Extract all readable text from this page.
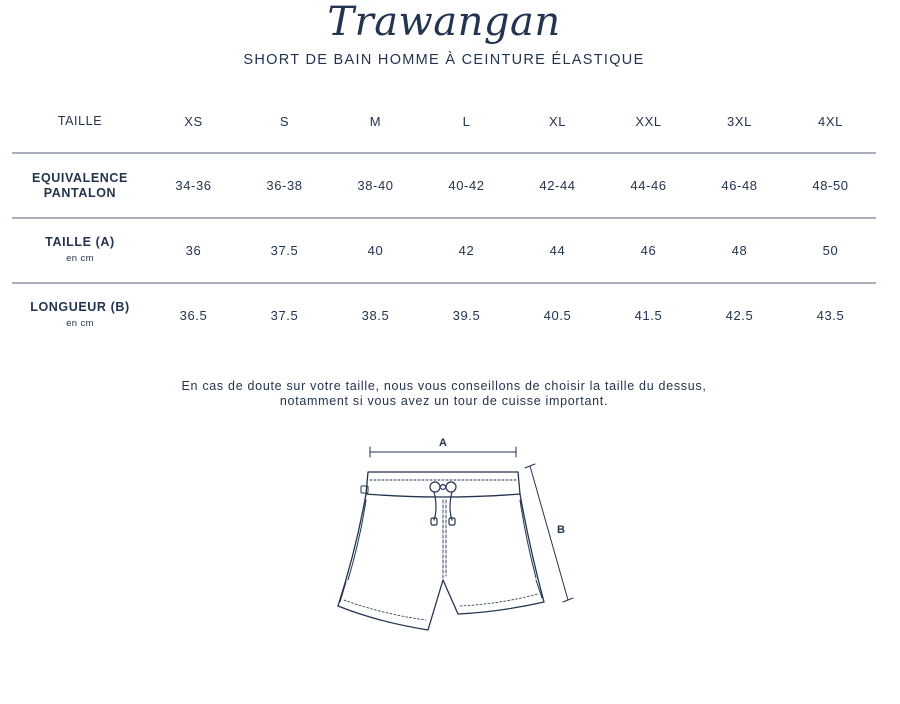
Trawangan
SHORT DE BAIN HOMME À CEINTURE ÉLASTIQUE
TAILLE	XS	S	M	L	XL	XXL	3XL	4XL

EQUIVALENCE
PANTALON	34-36	36-38	38-40	40-42	42-44	44-46	46-48	48-50

TAILLE (A)
en cm	36	37.5	40	42	44	46	48	50

LONGUEUR (B)
en cm	36.5	37.5	38.5	39.5	40.5	41.5	42.5	43.5
En cas de doute sur votre taille, nous vous conseillons de choisir la taille du dessus,
notamment si vous avez un tour de cuisse important.
A
B
